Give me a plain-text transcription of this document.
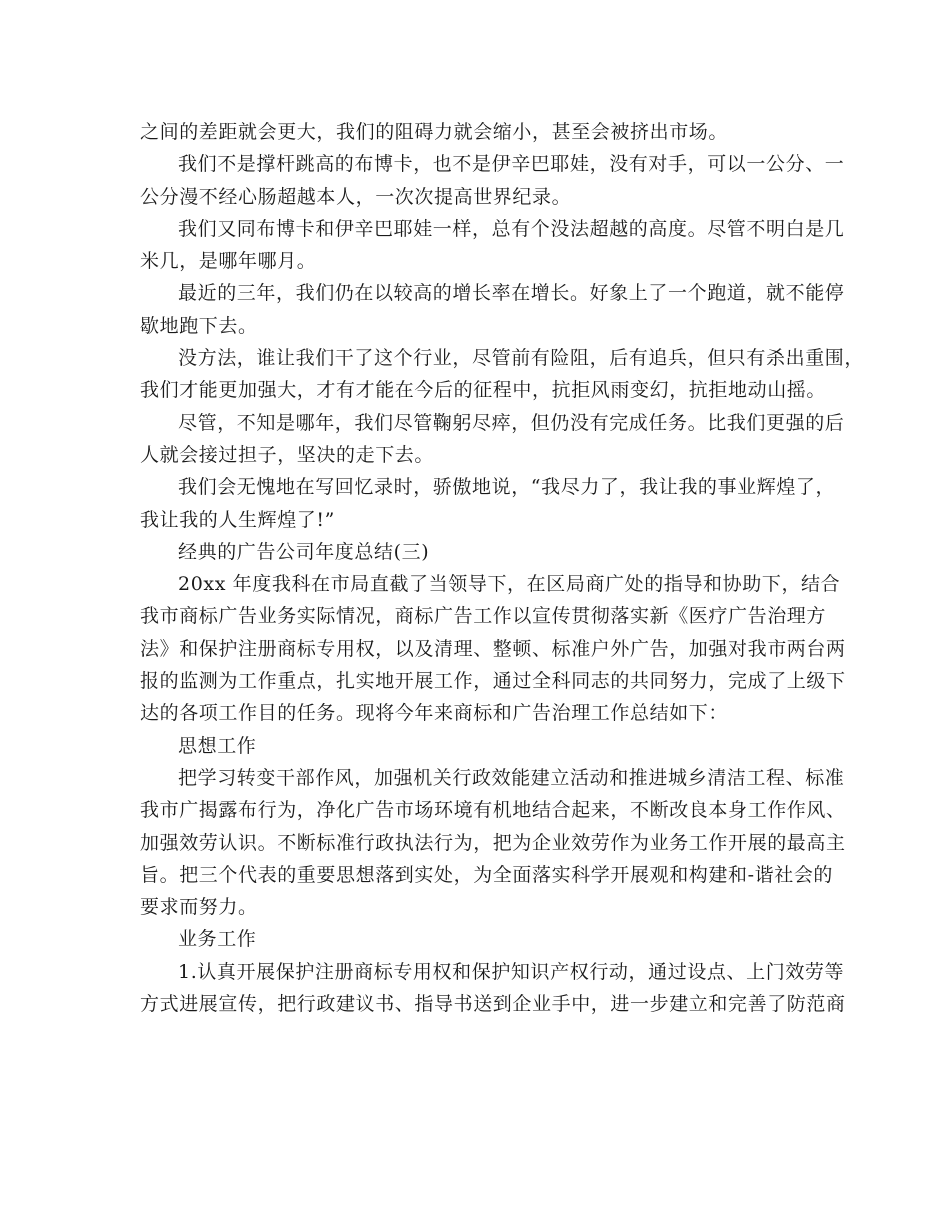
之间的差距就会更大，我们的阻碍力就会缩小，甚至会被挤出市场。
我们不是撑杆跳高的布博卡，也不是伊辛巴耶娃，没有对手，可以一公分、一
公分漫不经心肠超越本人，一次次提高世界纪录。
我们又同布博卡和伊辛巴耶娃一样，总有个没法超越的高度。尽管不明白是几
米几，是哪年哪月。
最近的三年，我们仍在以较高的增长率在增长。好象上了一个跑道，就不能停
歇地跑下去。
没方法，谁让我们干了这个行业，尽管前有险阻，后有追兵，但只有杀出重围，
我们才能更加强大，才有才能在今后的征程中，抗拒风雨变幻，抗拒地动山摇。
尽管，不知是哪年，我们尽管鞠躬尽瘁，但仍没有完成任务。比我们更强的后
人就会接过担子，坚决的走下去。
我们会无愧地在写回忆录时，骄傲地说，“我尽力了，我让我的事业辉煌了，
我让我的人生辉煌了!”
经典的广告公司年度总结(三)
20xx 年度我科在市局直截了当领导下，在区局商广处的指导和协助下，结合
我市商标广告业务实际情况，商标广告工作以宣传贯彻落实新《医疗广告治理方
法》和保护注册商标专用权，以及清理、整顿、标准户外广告，加强对我市两台两
报的监测为工作重点，扎实地开展工作，通过全科同志的共同努力，完成了上级下
达的各项工作目的任务。现将今年来商标和广告治理工作总结如下：
思想工作
把学习转变干部作风，加强机关行政效能建立活动和推进城乡清洁工程、标准
我市广揭露布行为，净化广告市场环境有机地结合起来，不断改良本身工作作风、
加强效劳认识。不断标准行政执法行为，把为企业效劳作为业务工作开展的最高主
旨。把三个代表的重要思想落到实处，为全面落实科学开展观和构建和-谐社会的
要求而努力。
业务工作
1.认真开展保护注册商标专用权和保护知识产权行动，通过设点、上门效劳等
方式进展宣传，把行政建议书、指导书送到企业手中，进一步建立和完善了防范商
